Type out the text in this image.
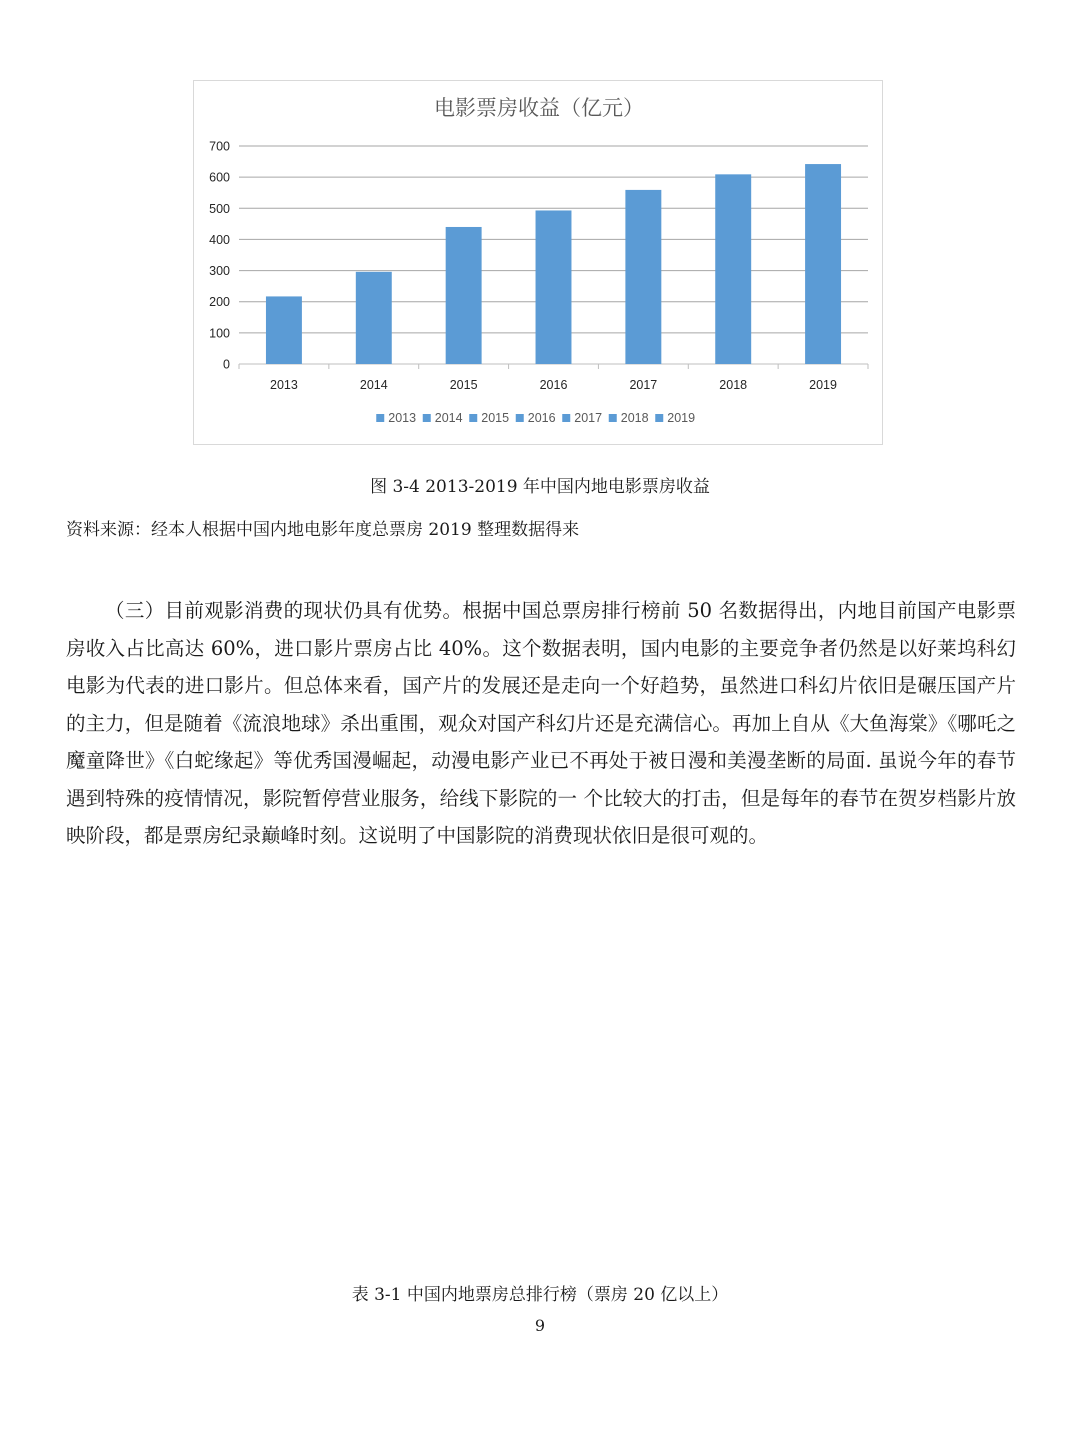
电影票房收益（亿元）
0
100
200
300
400
500
600
700
2013	2014	2015	2016	2017	2018	2019
2013 2014 2015 2016 2017 2018 2019
图 3-4 2013-2019 年中国内地电影票房收益
资料来源：经本人根据中国内地电影年度总票房 2019 整理数据得来

（三）目前观影消费的现状仍具有优势。根据中国总票房排行榜前 50 名数据得出，内地目前国产电影票房收入占比高达 60%，进口影片票房占比 40%。这个数据表明，国内电影的主要竞争者仍然是以好莱坞科幻电影为代表的进口影片。但总体来看，国产片的发展还是走向一个好趋势，虽然进口科幻片依旧是碾压国产片的主力，但是随着《流浪地球》杀出重围，观众对国产科幻片还是充满信心。再加上自从《大鱼海棠》《哪吒之魔童降世》《白蛇缘起》等优秀国漫崛起，动漫电影产业已不再处于被日漫和美漫垄断的局面. 虽说今年的春节遇到特殊的疫情情况，影院暂停营业服务，给线下影院的一 个比较大的打击，但是每年的春节在贺岁档影片放映阶段，都是票房纪录巅峰时刻。这说明了中国影院的消费现状依旧是很可观的。

表 3-1 中国内地票房总排行榜（票房 20 亿以上）
9
